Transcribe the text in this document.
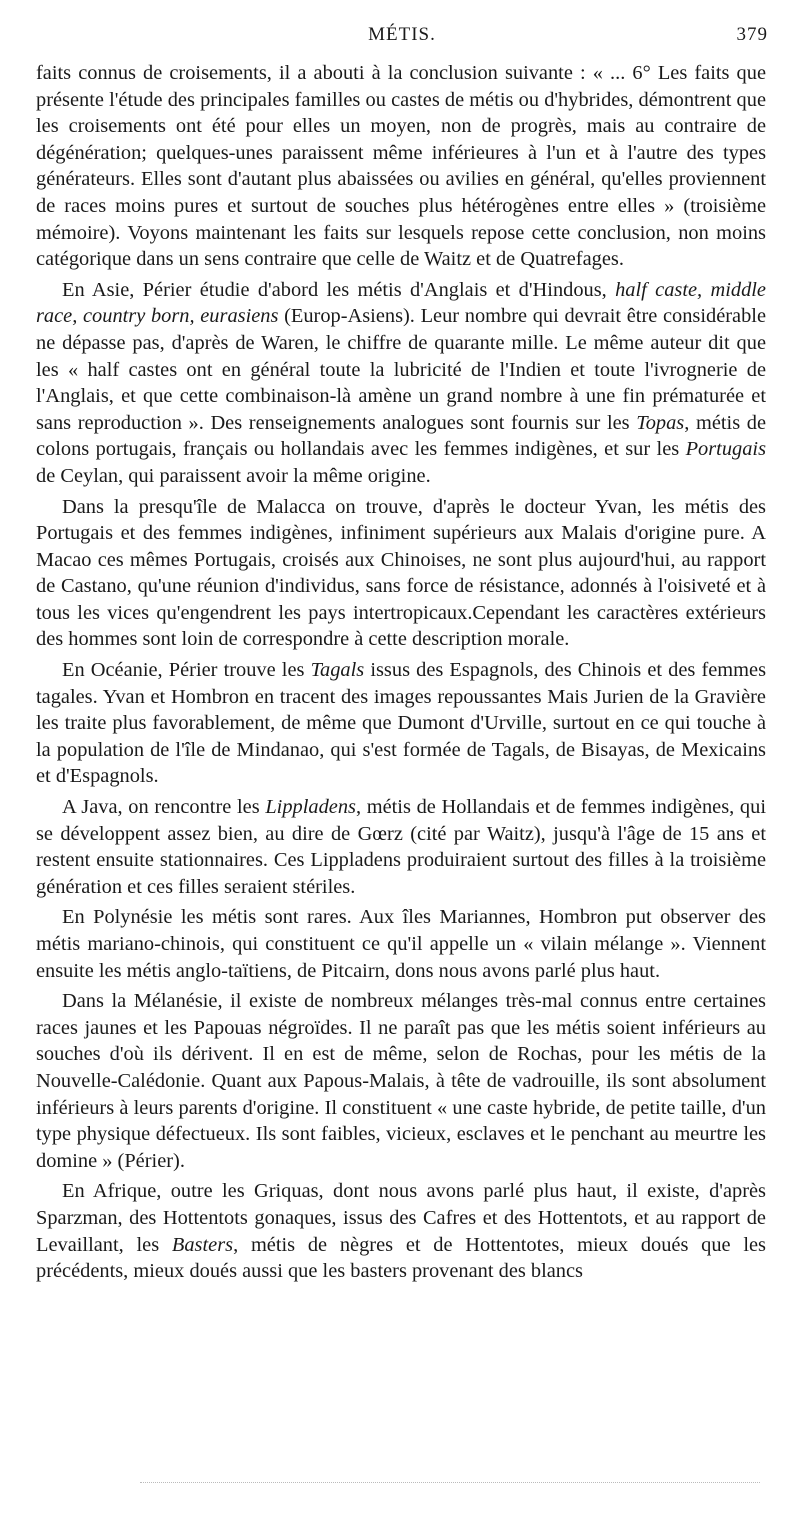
MÉTIS.	379

faits connus de croisements, il a abouti à la conclusion suivante : « ... 6° Les faits que présente l'étude des principales familles ou castes de métis ou d'hybrides, démontrent que les croisements ont été pour elles un moyen, non de progrès, mais au contraire de dégénération; quelques-unes paraissent même inférieures à l'un et à l'autre des types générateurs. Elles sont d'autant plus abaissées ou avilies en général, qu'elles proviennent de races moins pures et surtout de souches plus hétérogènes entre elles » (troisième mémoire). Voyons maintenant les faits sur lesquels repose cette conclusion, non moins catégorique dans un sens contraire que celle de Waitz et de Quatrefages.

En Asie, Périer étudie d'abord les métis d'Anglais et d'Hindous, half caste, middle race, country born, eurasiens (Europ-Asiens). Leur nombre qui devrait être considérable ne dépasse pas, d'après de Waren, le chiffre de quarante mille. Le même auteur dit que les « half castes ont en général toute la lubricité de l'Indien et toute l'ivrognerie de l'Anglais, et que cette combinaison-là amène un grand nombre à une fin prématurée et sans reproduction ». Des renseignements analogues sont fournis sur les Topas, métis de colons portugais, français ou hollandais avec les femmes indigènes, et sur les Portugais de Ceylan, qui paraissent avoir la même origine.

Dans la presqu'île de Malacca on trouve, d'après le docteur Yvan, les métis des Portugais et des femmes indigènes, infiniment supérieurs aux Malais d'origine pure. A Macao ces mêmes Portugais, croisés aux Chinoises, ne sont plus aujourd'hui, au rapport de Castano, qu'une réunion d'individus, sans force de résistance, adonnés à l'oisiveté et à tous les vices qu'engendrent les pays intertropicaux.Cependant les caractères extérieurs des hommes sont loin de correspondre à cette description morale.

En Océanie, Périer trouve les Tagals issus des Espagnols, des Chinois et des femmes tagales. Yvan et Hombron en tracent des images repoussantes Mais Jurien de la Gravière les traite plus favorablement, de même que Dumont d'Urville, surtout en ce qui touche à la population de l'île de Mindanao, qui s'est formée de Tagals, de Bisayas, de Mexicains et d'Espagnols.

A Java, on rencontre les Lippladens, métis de Hollandais et de femmes indigènes, qui se développent assez bien, au dire de Gœrz (cité par Waitz), jusqu'à l'âge de 15 ans et restent ensuite stationnaires. Ces Lippladens produiraient surtout des filles à la troisième génération et ces filles seraient stériles.

En Polynésie les métis sont rares. Aux îles Mariannes, Hombron put observer des métis mariano-chinois, qui constituent ce qu'il appelle un « vilain mélange ». Viennent ensuite les métis anglo-taïtiens, de Pitcairn, dons nous avons parlé plus haut.

Dans la Mélanésie, il existe de nombreux mélanges très-mal connus entre certaines races jaunes et les Papouas négroïdes. Il ne paraît pas que les métis soient inférieurs au souches d'où ils dérivent. Il en est de même, selon de Rochas, pour les métis de la Nouvelle-Calédonie. Quant aux Papous-Malais, à tête de vadrouille, ils sont absolument inférieurs à leurs parents d'origine. Il constituent « une caste hybride, de petite taille, d'un type physique défectueux. Ils sont faibles, vicieux, esclaves et le penchant au meurtre les domine » (Périer).

En Afrique, outre les Griquas, dont nous avons parlé plus haut, il existe, d'après Sparzman, des Hottentots gonaques, issus des Cafres et des Hottentots, et au rapport de Levaillant, les Basters, métis de nègres et de Hottentotes, mieux doués que les précédents, mieux doués aussi que les basters provenant des blancs
